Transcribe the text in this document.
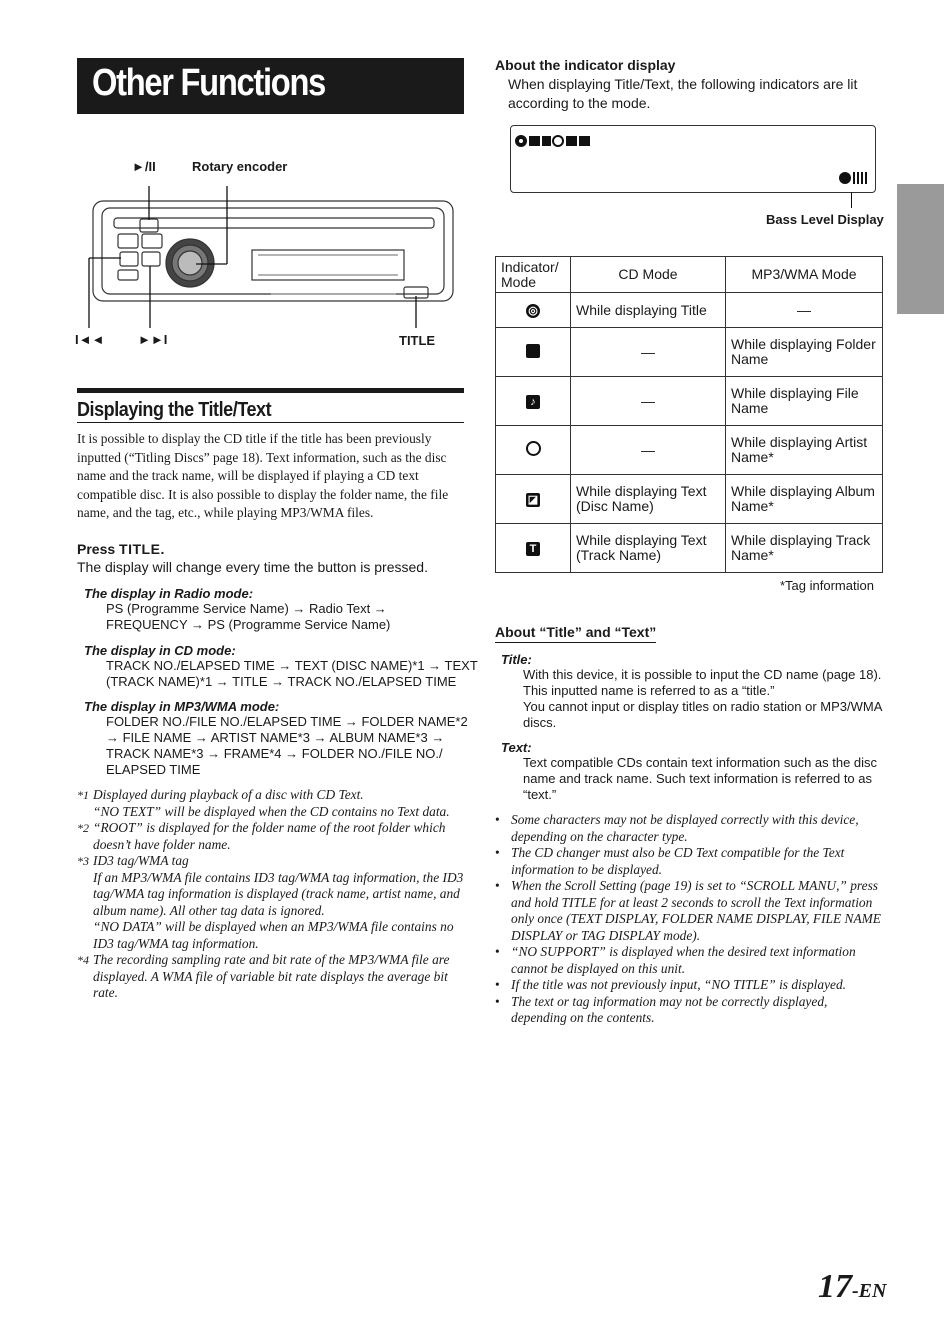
Other Functions
►/II	Rotary encoder
I◄◄	►►I	TITLE
Displaying the Title/Text
It is possible to display the CD title if the title has been previously inputted (“Titling Discs” page 18). Text information, such as the disc name and the track name, will be displayed if playing a CD text compatible disc. It is also possible to display the folder name, the file name, and the tag, etc., while playing MP3/WMA files.
Press TITLE.
The display will change every time the button is pressed.
The display in Radio mode:
PS (Programme Service Name) → Radio Text →
FREQUENCY → PS (Programme Service Name)
The display in CD mode:
TRACK NO./ELAPSED TIME → TEXT (DISC NAME)*1 → TEXT
(TRACK NAME)*1 → TITLE → TRACK NO./ELAPSED TIME
The display in MP3/WMA mode:
FOLDER NO./FILE NO./ELAPSED TIME → FOLDER NAME*2
→ FILE NAME → ARTIST NAME*3 → ALBUM NAME*3 →
TRACK NAME*3 → FRAME*4 → FOLDER NO./FILE NO./
ELAPSED TIME
*1 Displayed during playback of a disc with CD Text.
“NO TEXT” will be displayed when the CD contains no Text data.
*2 “ROOT” is displayed for the folder name of the root folder which doesn’t have folder name.
*3 ID3 tag/WMA tag
If an MP3/WMA file contains ID3 tag/WMA tag information, the ID3 tag/WMA tag information is displayed (track name, artist name, and album name). All other tag data is ignored.
“NO DATA” will be displayed when an MP3/WMA file contains no ID3 tag/WMA tag information.
*4 The recording sampling rate and bit rate of the MP3/WMA file are displayed. A WMA file of variable bit rate displays the average bit rate.
About the indicator display
When displaying Title/Text, the following indicators are lit according to the mode.
Bass Level Display
Indicator/ Mode	CD Mode	MP3/WMA Mode
◎	While displaying Title	—
	—	While displaying Folder Name
♪	—	While displaying File Name
	—	While displaying Artist Name*
◪	While displaying Text (Disc Name)	While displaying Album Name*
T	While displaying Text (Track Name)	While displaying Track Name*
*Tag information
About “Title” and “Text”
Title:
With this device, it is possible to input the CD name (page 18). This inputted name is referred to as a “title.”
You cannot input or display titles on radio station or MP3/WMA discs.
Text:
Text compatible CDs contain text information such as the disc name and track name. Such text information is referred to as “text.”
• Some characters may not be displayed correctly with this device, depending on the character type.
• The CD changer must also be CD Text compatible for the Text information to be displayed.
• When the Scroll Setting (page 19) is set to “SCROLL MANU,” press and hold TITLE for at least 2 seconds to scroll the Text information only once (TEXT DISPLAY, FOLDER NAME DISPLAY, FILE NAME DISPLAY or TAG DISPLAY mode).
• “NO SUPPORT” is displayed when the desired text information cannot be displayed on this unit.
• If the title was not previously input, “NO TITLE” is displayed.
• The text or tag information may not be correctly displayed, depending on the contents.
17-EN
